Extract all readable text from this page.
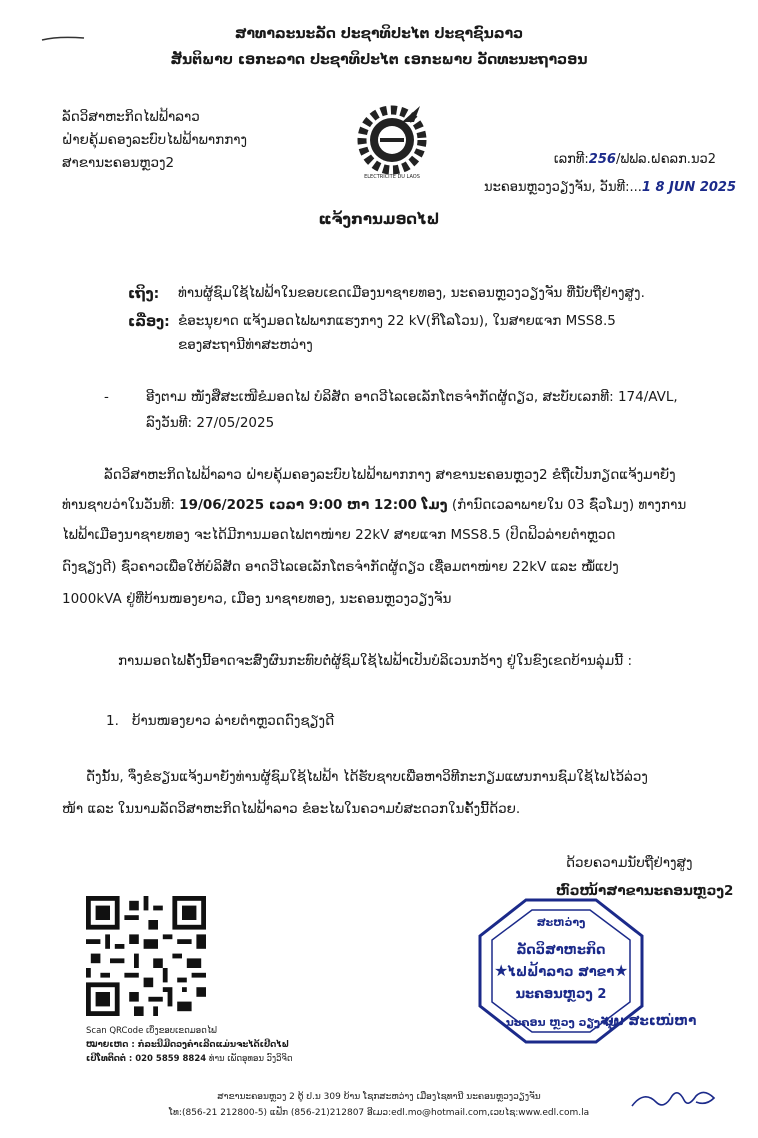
ສາທາລະນະລັດ ປະຊາທິປະໄຕ ປະຊາຊົນລາວ
ສັນຕິພາບ ເອກະລາດ ປະຊາທິປະໄຕ ເອກະພາບ ວັດທະນະຖາວອນ
ລັດວິສາຫະກິດໄຟຟ້າລາວ
ຝ່າຍຄຸ້ມຄອງລະບົບໄຟຟ້າພາກກາງ
ສາຂານະຄອນຫຼວງ2
ELECTRICITE DU LAOS
ເລກທີ:256/ຟຟລ.ຝຄລກ.ນວ2
ນະຄອນຫຼວງວຽງຈັນ, ວັນທີ:...1 8 JUN 2025
ແຈ້ງການມອດໄຟ
ເຖິງ: ທ່ານຜູ້ຊົມໃຊ້ໄຟຟ້າໃນຂອບເຂດເມືອງນາຊາຍທອງ, ນະຄອນຫຼວງວຽງຈັນ ທີ່ນັບຖືຢ່າງສູງ.
ເລື່ອງ: ຂໍອະນຸຍາດ ແຈ້ງມອດໄຟພາກແຮງກາງ 22 kV(ກິໂລໂວນ), ໃນສາຍແຈກ MSS8.5
ຂອງສະຖານີທ່າສະຫວ່າງ
-	ອີງຕາມ ໜັງສືສະເໜີຂໍມອດໄຟ ບໍລິສັດ ອາດວີໄລເອເລັກໂຕຣຈຳກັດຜູ້ດຽວ, ສະບັບເລກທີ: 174/AVL,
ລົງວັນທີ: 27/05/2025
ລັດວິສາຫະກິດໄຟຟ້າລາວ ຝ່າຍຄຸ້ມຄອງລະບົບໄຟຟ້າພາກກາງ ສາຂານະຄອນຫຼວງ2 ຂໍຖືເປັນກຽດແຈ້ງມາຍັງ
ທ່ານຊາບວ່າໃນວັນທີ: 19/06/2025 ເວລາ 9:00 ຫາ 12:00 ໂມງ (ກຳນົດເວລາພາຍໃນ 03 ຊົ່ວໂມງ) ທາງການ
ໄຟຟ້າເມືອງນາຊາຍທອງ ຈະໄດ້ມີການມອດໄຟຕາໜ່າຍ 22kV ສາຍແຈກ MSS8.5 (ປິດຟິວລ່າຍຕຳຫຼວດ
ດົງຊຽງດີ) ຊົ່ວຄາວເພື່ອໃຫ້ບໍລິສັດ ອາດວີໄລເອເລັກໂຕຣຈຳກັດຜູ້ດຽວ ເຊື່ອມຕາໜ່າຍ 22kV ແລະ ໝໍ້ແປງ
1000kVA ຢູ່ທີ່ບ້ານໜອງຍາວ, ເມືອງ ນາຊາຍທອງ, ນະຄອນຫຼວງວຽງຈັນ
ການມອດໄຟຄັ້ງນີ້ອາດຈະສົ່ງຜົນກະທົບຕໍ່ຜູ້ຊົມໃຊ້ໄຟຟ້າເປັນບໍລິເວນກວ້າງ ຢູ່ໃນຂົງເຂດບ້ານລຸ່ມນີ້ :
1. ບ້ານໜອງຍາວ ລ່າຍຕຳຫຼວດດົງຊຽງດີ
ດັ່ງນັ້ນ, ຈຶ່ງຂໍຮຽນແຈ້ງມາຍັງທ່ານຜູ້ຊົມໃຊ້ໄຟຟ້າ ໄດ້ຮັບຊາບເພື່ອຫາວິທີກະກຽມແຜນການຊົມໃຊ້ໄຟໄວ້ລ່ວງ
ໜ້າ ແລະ ໃນນາມລັດວິສາຫະກິດໄຟຟ້າລາວ ຂໍອະໄພໃນຄວາມບໍ່ສະດວກໃນຄັ້ງນີ້ດ້ວຍ.
ດ້ວຍຄວາມນັບຖືຢ່າງສູງ
ຫົວໜ້າສາຂານະຄອນຫຼວງ2
ສະຫວ່າງ
ລັດວິສາຫະກິດ
ໄຟຟ້າລາວ ສາຂາ
ນະຄອນຫຼວງ 2
ນະຄອນ ຫຼວງ ວຽງຈັນ
★	★
ບຸນ ສະເໜ່ຫາ
Scan QRCode ເບິ່ງຂອບເຂດມອດໄຟ
ໝາຍເຫດ : ກໍລະນີມີດວງຄຳເລີດແມ່ນຈະໄດ້ເປີດໄຟ
ເບີໂທຕິດຕໍ່ : 020 5859 8824 ທ່ານ ເພັດອຸທອນ ວົງວິຈິດ
ສາຂານະຄອນຫຼວງ 2 ຕູ້ ປ.ນ 309 ບ້ານ ໂຊກສະຫວ່າງ ເມືອງໄຊທານີ ນະຄອນຫຼວງວຽງຈັນ
ໂທ:(856-21 212800-5) ແຟັກ (856-21)212807 ອີເມວ:edl.mo@hotmail.com,ເວບໄຊ:www.edl.com.la
